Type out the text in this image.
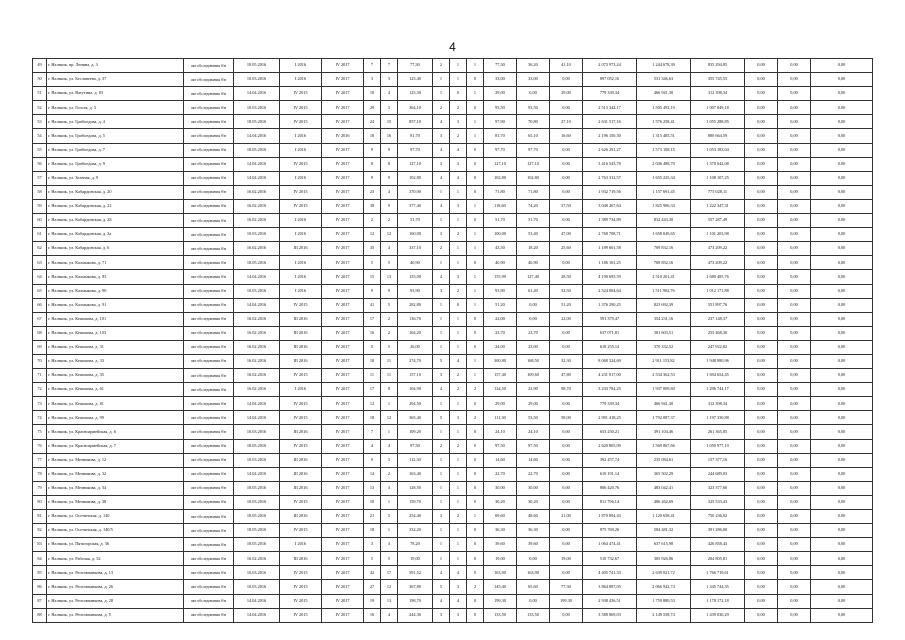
4
49	г. Нальчик, пр. Ленина, д. 3	акт обследования б/н	18.05.2016	I 2016	IV 2017	7	7	77,30	2	1	1	77,30	36,20	41,10	2 073 973,24	1 244 678,39	835 294,85	0,00	0,00	0,00
50	г. Нальчик, ул. Бесланеева, д. 37	акт обследования б/н	10.03.2016	I 2016	IV 2017	3	3	125,40	1	1	0	33,00	33,00	0,00	897 052,16	531 346,63	355 745,55	0,00	0,00	0,00
51	г. Нальчик, ул. Ватутина, д. 83	акт обследования б/н	14.04.2016	IV 2015	IV 2017	10	4	125,30	1	0	1	29,00	0,00	29,00	779 339,34	466 941,30	312 398,34	0,00	0,00	0,00
52	г. Нальчик, ул. Гоголя, д. 3	акт обследования б/н	10.03.2016	IV 2015	IV 2017	29	3	364,10	2	2	0	93,50	93,50	0,00	2 513 342,17	1 505 492,19	1 007 849,18	0,00	0,00	0,00
53	г. Нальчик, ул. Грибоедова, д. 4	акт обследования б/н	18.05.2016	IV 2015	IV 2017	24	15	857,10	4	3	1	97,90	70,80	27,10	2 631 517,16	1 576 258,41	1 055 288,85	0,00	0,00	0,00
54	г. Нальчик, ул. Грибоедова, д. 5	акт обследования б/н	14.04.2016	I 2016	IV 2016	18	16	81,70	3	2	1	81,70	65,10	16,60	2 196 150,30	1 315 485,51	880 664,59	0,00	0,00	0,00
55	г. Нальчик, ул. Грибоедова, д. 7	акт обследования б/н	18.05.2016	I 2016	IV 2017	9	9	97,70	4	4	0	97,70	97,70	0,00	2 626 291,27	1 573 108,15	1 053 183,04	0,00	0,00	0,00
56	г. Нальчик, ул. Грибоедова, д. 9	акт обследования б/н	14.04.2016	IV 2015	IV 2017	8	8	127,10	3	3	0	127,10	127,10	0,00	3 416 543,78	2 046 488,70	1 370 042,08	0,00	0,00	0,00
57	г. Нальчик, ул. Зеленая, д. 9	акт обследования б/н	14.04.2016	I 2016	IV 2017	9	9	102,80	4	4	0	102,80	102,80	0,00	2 763 312,57	1 655 225,34	1 108 107,25	0,00	0,00	0,00
58	г. Нальчик, ул. Кабардинская, д. 20	акт обследования б/н	16.02.2016	IV 2015	IV 2017	23	4	370,00	1	1	0	71,80	71,80	0,00	1 932 719,56	1 157 691,45	775 028,11	0,00	0,00	0,00
59	г. Нальчик, ул. Кабардинская, д. 22	акт обследования б/н	16.02.2016	IV 2015	IV 2017	38	9	377,40	4	3	1	118,60	74,20	37,50	3 048 267,64	1 825 906,33	1 222 347,31	0,00	0,00	0,00
60	г. Нальчик, ул. Кабардинская, д. 28	акт обследования б/н	16.02.2016	I 2016	IV 2017	2	2	51,70	1	1	0	51,70	51,70	0,00	1 389 734,89	832 443,30	557 287,49	0,00	0,00	0,00
61	г. Нальчик, ул. Кабардинская, д. 3а	акт обследования б/н	10.03.2016	I 2016	IV 2017	12	12	160,00	3	2	1	100,00	53,40	47,00	2 768 708,71	1 658 049,65	1 101 203,98	0,00	0,00	0,00
62	г. Нальчик, ул. Кабардинская, д. 6	акт обследования б/н	16.02.2016	III 2016	IV 2017	35	4	337,10	2	1	1	43,50	18,20	25,60	1 189 601,58	709 832,16	473 209,22	0,00	0,00	0,00
63	г. Нальчик, ул. Калмыкова, д. 71	акт обследования б/н	18.05.2016	I 2016	IV 2017	5	5	40,90	1	1	0	40,90	40,90	0,00	1 186 161,25	708 852,16	473 209,22	0,00	0,00	0,00
64	г. Нальчик, ул. Калмыкова, д. 83	акт обследования б/н	14.04.2016	I 2016	IV 2017	15	13	155,00	4	3	1	155,99	127,40	28,50	4 190 695,59	2 510 201,41	1 680 485,76	0,00	0,00	0,00
65	г. Нальчик, ул. Калмыкова, д. 90	акт обследования б/н	10.03.2016	I 2016	IV 2017	9	9	93,90	3	2	1	93,90	61,40	32,50	2 524 064,64	1 511 902,76	1 012 171,88	0,00	0,00	0,00
66	г. Нальчик, ул. Калмыкова, д. 91	акт обследования б/н	14.04.2016	IV 2015	IV 2017	41	5	282,80	1	0	1	51,20	0,00	51,20	1 376 290,25	823 692,39	551 897,76	0,00	0,00	0,00
67	г. Нальчик, ул. Кешокова, д. 101	акт обследования б/н	16.02.2016	III 2016	IV 2017	17	2	136,70	1	1	0	22,00	0,00	22,00	591 379,47	354 231,16	237 148,37	0,00	0,00	0,00
68	г. Нальчик, ул. Кешокова, д. 103	акт обследования б/н	16.02.2016	III 2016	IV 2017	16	2	164,20	1	1	0	23,70	23,70	0,00	637 071,81	381 603,51	255 468,30	0,00	0,00	0,00
69	г. Нальчик, ул. Кешокова, д. 31	акт обследования б/н	16.02.2016	III 2016	IV 2017	5	5	26,00	1	1	0	24,00	23,00	0,00	618 255,14	370 332,52	247 922,82	0,00	0,00	0,00
70	г. Нальчик, ул. Кешокова, д. 33	акт обследования б/н	16.02.2016	III 2016	IV 2017	18	11	274,70	5	4	1	300,80	168,50	32,30	8 068 324,69	2 911 153,82	1 948 980,96	0,00	0,00	0,00
71	г. Нальчик, ул. Кешокова, д. 35	акт обследования б/н	16.02.2016	IV 2015	IV 2017	11	11	157,10	3	2	1	157,40	109,60	47,80	4 231 017,00	2 534 362,53	1 694 654,45	0,00	0,00	0,00
72	г. Нальчик, ул. Кешокова, д. 61	акт обследования б/н	16.02.2016	I 2016	IV 2017	17	8	104,90	4	2	2	124,50	23,90	98,70	3 233 784,25	1 937 009,60	1 296 744,17	0,00	0,00	0,00
73	г. Нальчик, ул. Кешокова, д. 81	акт обследования б/н	14.04.2016	IV 2015	IV 2017	12	1	294,50	1	1	0	29,00	29,00	0,00	779 339,34	466 941,30	312 398,34	0,00	0,00	0,00
74	г. Нальчик, ул. Кешокова, д. 99	акт обследования б/н	14.04.2016	IV 2015	IV 2017	18	12	365,40	5	3	2	111,30	53,50	58,00	2 991 418,25	1 792 087,37	1 197 330,88	0,00	0,00	0,00
75	г. Нальчик, ул. Красноармейская, д. 6	акт обследования б/н	10.03.2016	III 2016	IV 2017	7	1	109,20	1	1	0	24,10	24,10	0,00	653 250,21	391 104,46	261 365,85	0,00	0,00	0,00
76	г. Нальчик, ул. Красноармейская, д. 7	акт обследования б/н	18.05.2016	IV 2015	IV 2017	4	4	97,50	2	2	0	97,50	97,50	0,00	2 620 805,09	1 569 867,66	1 050 977,19	0,00	0,00	0,00
77	г. Нальчик, ул. Мечникова, д. 12	акт обследования б/н	10.03.2016	III 2016	IV 2017	9	3	112,30	1	1	0	14,60	14,60	0,00	392 457,74	235 084,61	157 377,16	0,00	0,00	0,00
78	г. Нальчик, ул. Мечникова, д. 32	акт обследования б/н	14.04.2016	III 2016	IV 2017	14	2	163,40	1	1	0	22,70	22,70	0,00	610 191,14	365 502,29	244 689,03	0,00	0,00	0,00
79	г. Нальчик, ул. Мечникова, д. 34	акт обследования б/н	18.05.2016	III 2016	IV 2017	13	3	128,50	1	1	0	30,00	30,00	0,00	806 420,76	483 042,41	323 377,60	0,00	0,00	0,00
80	г. Нальчик, ул. Мечникова, д. 38	акт обследования б/н	10.03.2016	IV 2015	IV 2017	10	1	159,70	1	1	0	30,20	30,20	0,00	811 796,14	486 262,69	325 533,43	0,00	0,00	0,00
81	г. Нальчик, ул. Осетинская, д. 140	акт обследования б/н	18.05.2016	III 2016	IV 2017	21	5	254,40	3	2	1	69,60	48,60	21,00	1 870 894,43	1 120 658,41	750 236,02	0,00	0,00	0,00
82	г. Нальчик, ул. Осетинская, д. 140/5	акт обследования б/н	18.05.2016	IV 2015	IV 2017	18	1	332,20	1	1	0	36,30	36,30	0,00	975 769,26	584 481,32	391 286,00	0,00	0,00	0,00
83	г. Нальчик, ул. Пятигорская, д. 36	акт обследования б/н	18.05.2016	I 2016	IV 2017	3	3	78,20	1	1	0	39,60	39,60	0,00	1 064 474,41	637 615,98	426 858,43	0,00	0,00	0,00
84	г. Нальчик, ул. Рабочая, д. 52	акт обследования б/н	16.02.2016	III 2016	IV 2017	5	5	19,00	1	1	0	19,00	0,00	19,00	510 732,67	305 926,86	204 805,81	0,00	0,00	0,00
85	г. Нальчик, ул. Репсовпанкова, д. 13	акт обследования б/н	10.03.2016	IV 2015	IV 2017	42	17	591,52	4	4	0	163,90	163,90	0,00	4 405 741,33	2 639 021,72	1 766 719,61	0,00	0,00	0,00
86	г. Нальчик, ул. Репсовпанкова, д. 26	акт обследования б/н	10.03.2016	IV 2015	IV 2017	27	12	367,80	5	3	2	145,40	65,60	77,30	3 864 887,05	2 066 942,74	1 345 744,35	0,00	0,00	0,00
87	г. Нальчик, ул. Репсовпанкова, д. 28	акт обследования б/н	14.04.2016	IV 2015	IV 2017	19	13	198,70	4	4	0	199,30	0,00	199,30	2 938 436,51	1 759 880,53	1 178 172,18	0,00	0,00	0,00
88	г. Нальчик, ул. Репсовпанкова, д. 5	акт обследования б/н	14.04.2016	IV 2015	IV 2017	16	4	244,30	3	3	0	133,50	133,50	0,00	3 588 869,03	2 149 558,74	1 439 030,29	0,00	0,00	0,00
